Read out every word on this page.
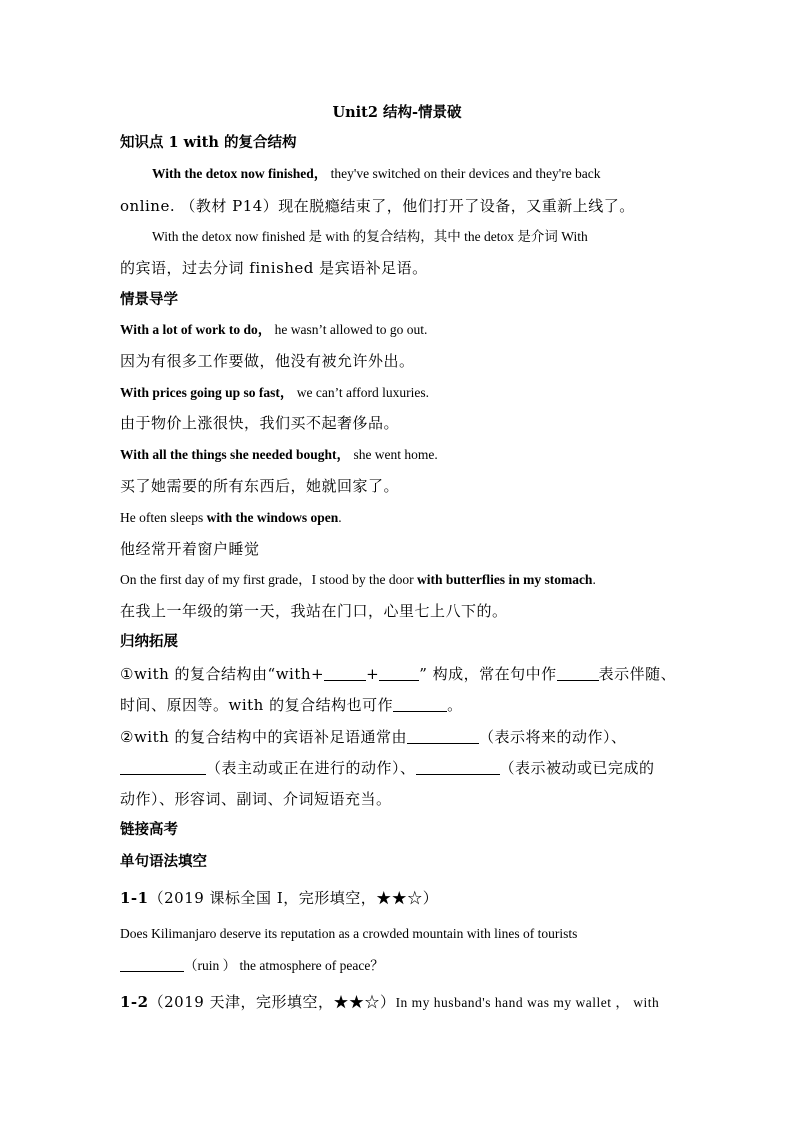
Unit2 结构-情景破
知识点 1 with 的复合结构
With the detox now finished， they've switched on their devices and they're back
online. （教材 P14）现在脱瘾结束了，他们打开了设备，又重新上线了。
With the detox now finished 是 with 的复合结构，其中 the detox 是介词 With
的宾语，过去分词 finished 是宾语补足语。
情景导学
With a lot of work to do， he wasn’t allowed to go out.
因为有很多工作要做，他没有被允许外出。
With prices going up so fast， we can’t afford luxuries.
由于物价上涨很快，我们买不起奢侈品。
With all the things she needed bought， she went home.
买了她需要的所有东西后，她就回家了。
He often sleeps with the windows open.
他经常开着窗户睡觉
On the first day of my first grade，I stood by the door with butterflies in my stomach.
在我上一年级的第一天，我站在门口，心里七上八下的。
归纳拓展
①with 的复合结构由“with+	+	” 构成，常在句中作	表示伴随、
时间、原因等。with 的复合结构也可作	。
②with 的复合结构中的宾语补足语通常由	（表示将来的动作）、
（表主动或正在进行的动作）、	（表示被动或已完成的
动作）、形容词、副词、介词短语充当。
链接高考
单句语法填空
1-1（2019 课标全国 I，完形填空，★★☆）
Does Kilimanjaro deserve its reputation as a crowded mountain with lines of tourists
（ruin ） the atmosphere of peace？
1-2（2019 天津，完形填空，★★☆）In my husband's hand was my wallet ， with
